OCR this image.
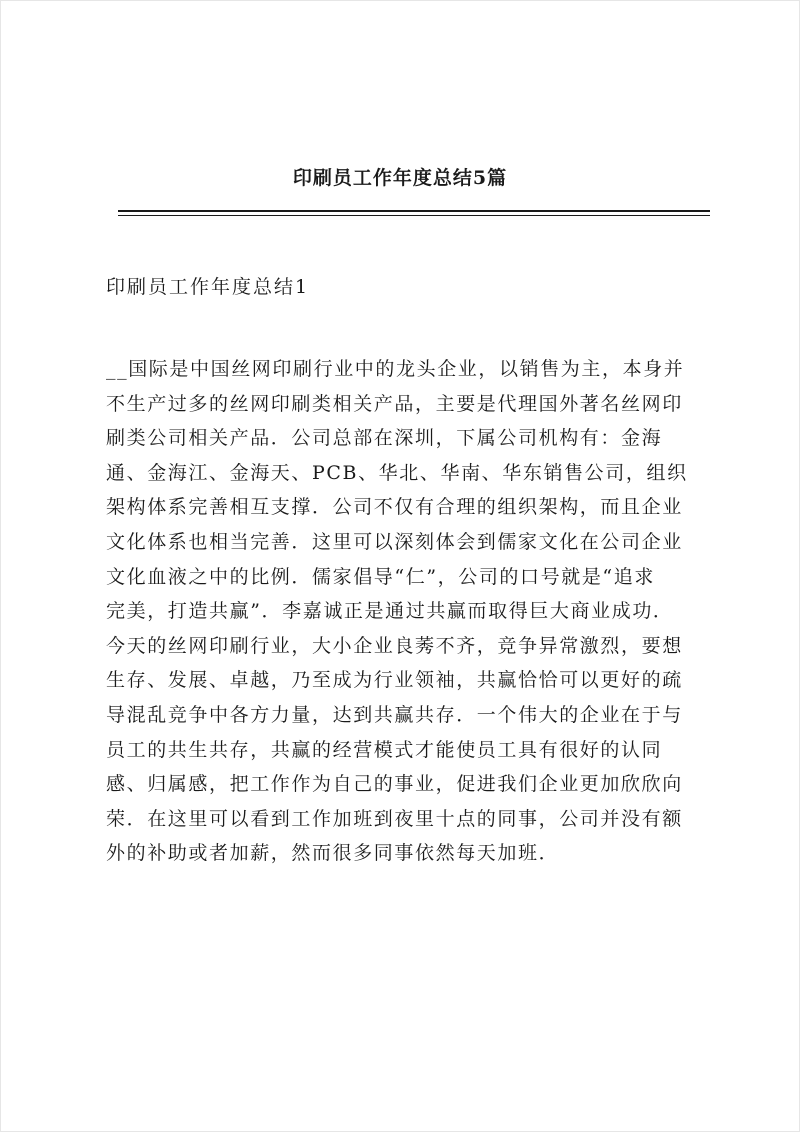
印刷员工作年度总结5篇
印刷员工作年度总结1
__国际是中国丝网印刷行业中的龙头企业，以销售为主，本身并
不生产过多的丝网印刷类相关产品，主要是代理国外著名丝网印
刷类公司相关产品．公司总部在深圳，下属公司机构有：金海
通、金海江、金海天、PCB、华北、华南、华东销售公司，组织
架构体系完善相互支撑．公司不仅有合理的组织架构，而且企业
文化体系也相当完善．这里可以深刻体会到儒家文化在公司企业
文化血液之中的比例．儒家倡导“仁”，公司的口号就是“追求
完美，打造共赢”．李嘉诚正是通过共赢而取得巨大商业成功．
今天的丝网印刷行业，大小企业良莠不齐，竞争异常激烈，要想
生存、发展、卓越，乃至成为行业领袖，共赢恰恰可以更好的疏
导混乱竞争中各方力量，达到共赢共存．一个伟大的企业在于与
员工的共生共存，共赢的经营模式才能使员工具有很好的认同
感、归属感，把工作作为自己的事业，促进我们企业更加欣欣向
荣．在这里可以看到工作加班到夜里十点的同事，公司并没有额
外的补助或者加薪，然而很多同事依然每天加班．
